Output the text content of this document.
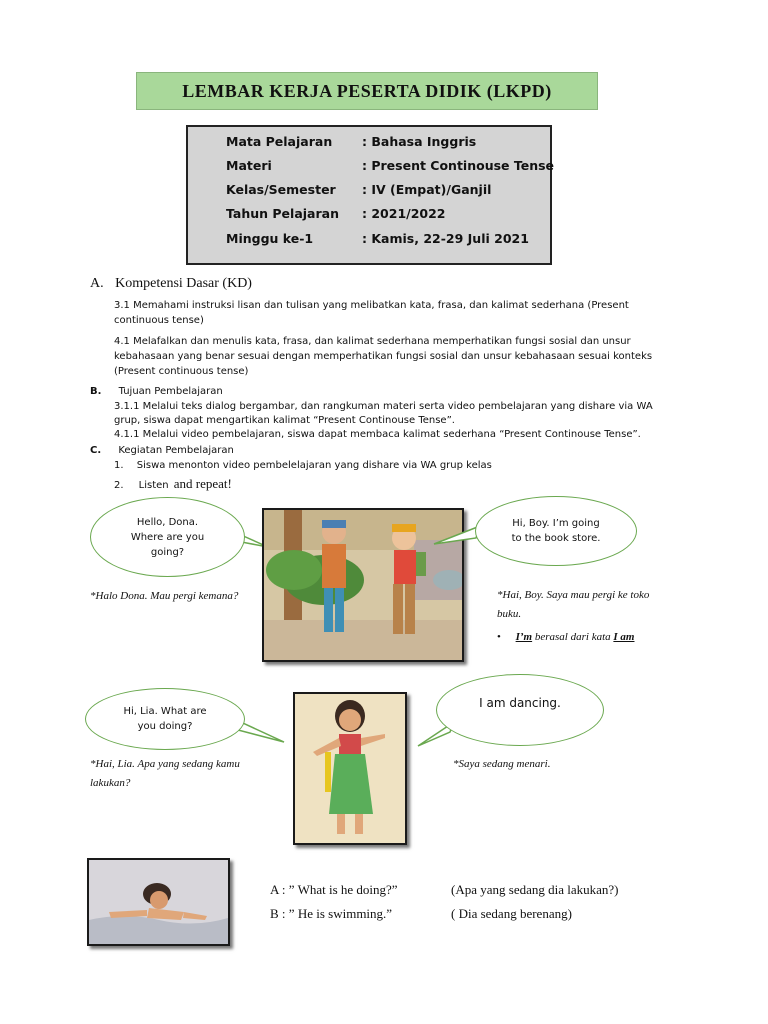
LEMBAR KERJA PESERTA DIDIK (LKPD)
Mata Pelajaran : Bahasa Inggris
Materi	: Present Continouse Tense
Kelas/Semester : IV (Empat)/Ganjil
Tahun Pelajaran : 2021/2022
Minggu ke-1	: Kamis, 22-29 Juli 2021
A. Kompetensi Dasar (KD)
3.1 Memahami instruksi lisan dan tulisan yang melibatkan kata, frasa, dan kalimat sederhana (Present
continuous tense)
4.1 Melafalkan dan menulis kata, frasa, dan kalimat sederhana memperhatikan fungsi sosial dan unsur
kebahasaan yang benar sesuai dengan memperhatikan fungsi sosial dan unsur kebahasaan sesuai konteks
(Present continuous tense)
B. Tujuan Pembelajaran
3.1.1 Melalui teks dialog bergambar, dan rangkuman materi serta video pembelajaran yang dishare via WA
grup, siswa dapat mengartikan kalimat “Present Continouse Tense”.
4.1.1 Melalui video pembelajaran, siswa dapat membaca kalimat sederhana “Present Continouse Tense”.
C. Kegiatan Pembelajaran
1. Siswa menonton video pembelelajaran yang dishare via WA grup kelas
2. Listen and repeat!
Hello, Dona.
Where are you
going?
Hi, Boy. I’m going
to the book store.
*Halo Dona. Mau pergi kemana?	*Hai, Boy. Saya mau pergi ke toko
buku.
• I’m berasal dari kata I am
Hi, Lia. What are
you doing?
I am dancing.
*Hai, Lia. Apa yang sedang kamu
lakukan?
*Saya sedang menari.
A : ” What is he doing?”	(Apa yang sedang dia lakukan?)
B : ” He is swimming.”	( Dia sedang berenang)
